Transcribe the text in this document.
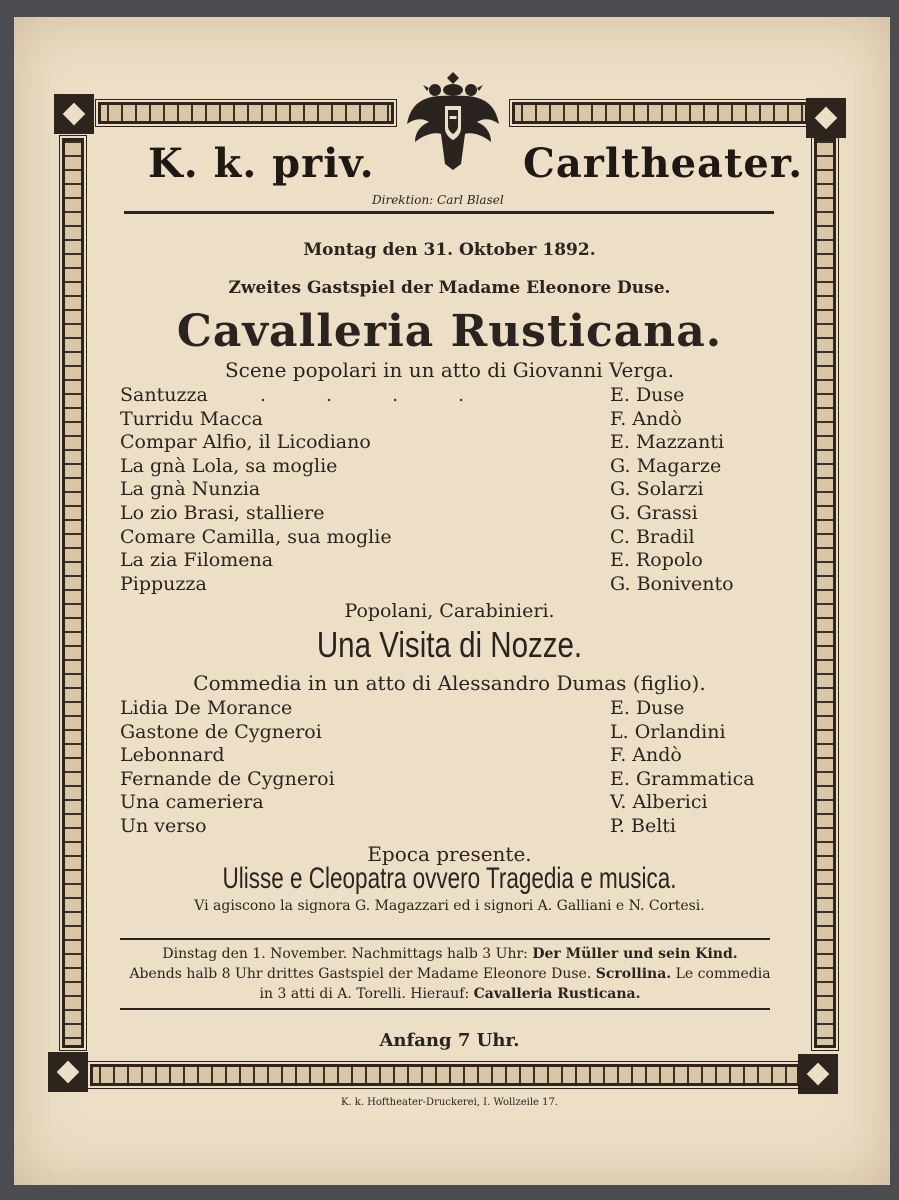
K. k. priv.	Carltheater.
Direktion: Carl Blasel
Montag den 31. Oktober 1892.
Zweites Gastspiel der Madame Eleonore Duse.
Cavalleria Rusticana.
Scene popolari in un atto di Giovanni Verga.
Santuzza	....	E. Duse
Turridu Macca	F. Andò
Compar Alfio, il Licodiano	E. Mazzanti
La gnà Lola, sa moglie	G. Magarze
La gnà Nunzia	G. Solarzi
Lo zio Brasi, stalliere	G. Grassi
Comare Camilla, sua moglie	C. Bradil
La zia Filomena	E. Ropolo
Pippuzza	G. Bonivento
Popolani, Carabinieri.
Una Visita di Nozze.
Commedia in un atto di Alessandro Dumas (figlio).
Lidia De Morance	E. Duse
Gastone de Cygneroi	L. Orlandini
Lebonnard	F. Andò
Fernande de Cygneroi	E. Grammatica
Una cameriera	V. Alberici
Un verso	P. Belti
Epoca presente.
Ulisse e Cleopatra ovvero Tragedia e musica.
Vi agiscono la signora G. Magazzari ed i signori A. Galliani e N. Cortesi.
Dinstag den 1. November. Nachmittags halb 3 Uhr: Der Müller und sein Kind.
Abends halb 8 Uhr drittes Gastspiel der Madame Eleonore Duse. Scrollina. Le commedia
in 3 atti di A. Torelli. Hierauf: Cavalleria Rusticana.
Anfang 7 Uhr.
K. k. Hoftheater-Druckerei, I. Wollzeile 17.
